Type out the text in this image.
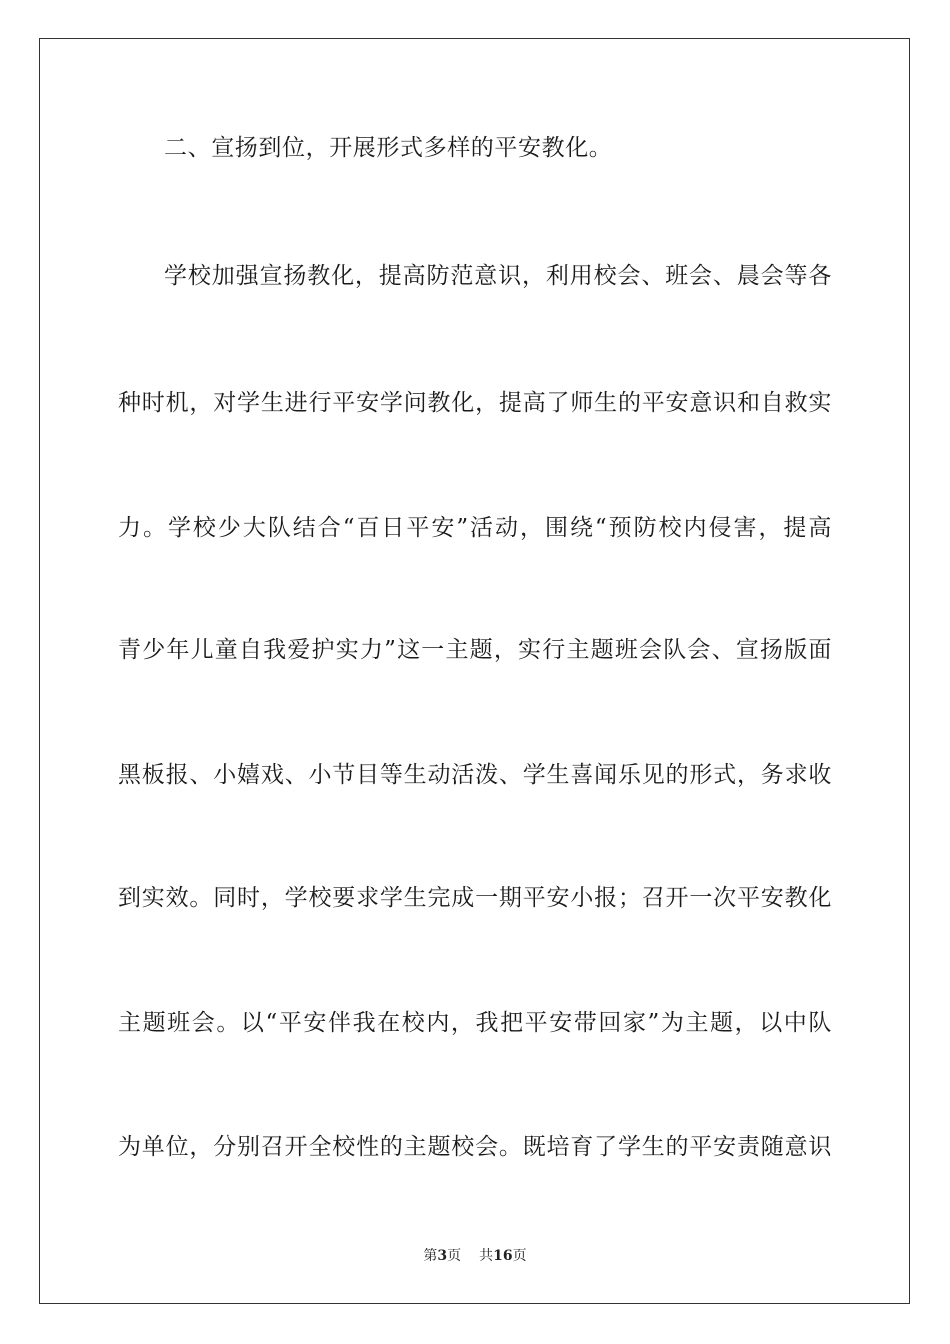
二、宣扬到位，开展形式多样的平安教化。
学校加强宣扬教化，提高防范意识，利用校会、班会、晨会等各
种时机，对学生进行平安学问教化，提高了师生的平安意识和自救实
力。学校少大队结合“百日平安”活动，围绕“预防校内侵害，提高
青少年儿童自我爱护实力”这一主题，实行主题班会队会、宣扬版面
黑板报、小嬉戏、小节目等生动活泼、学生喜闻乐见的形式，务求收
到实效。同时，学校要求学生完成一期平安小报；召开一次平安教化
主题班会。以“平安伴我在校内，我把平安带回家”为主题，以中队
为单位，分别召开全校性的主题校会。既培育了学生的平安责随意识
第3页 共16页
